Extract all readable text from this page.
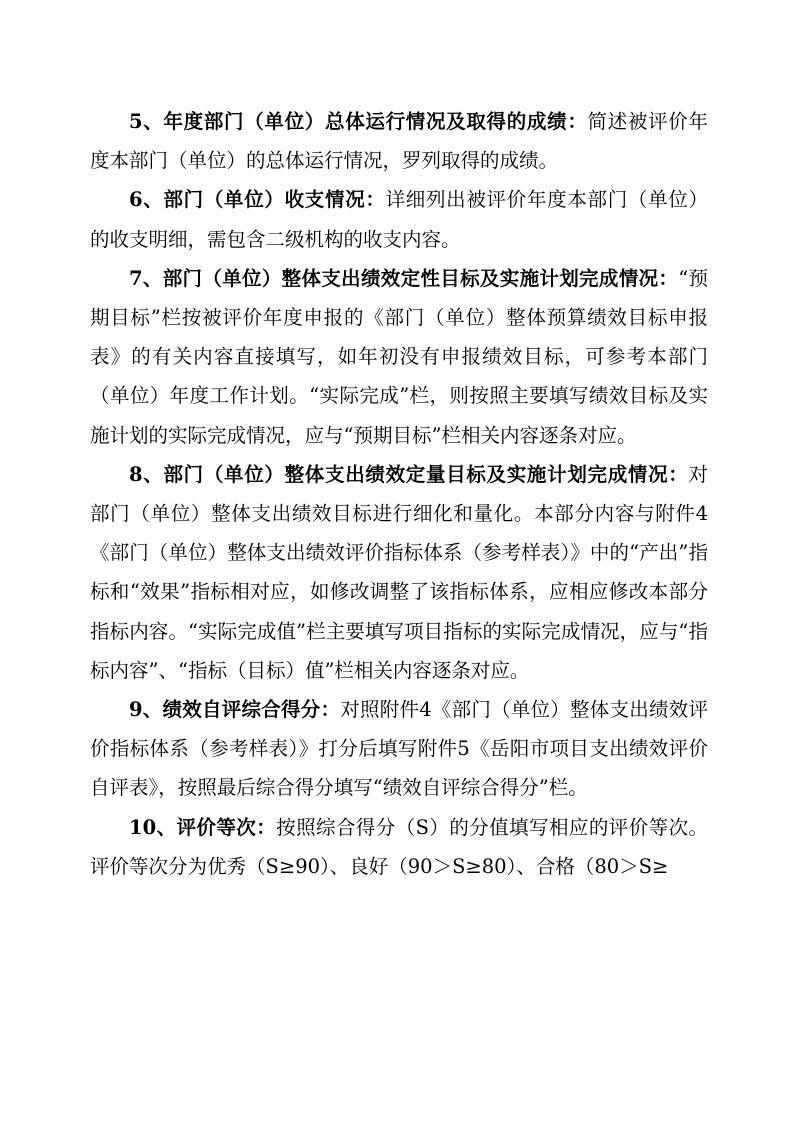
5、年度部门（单位）总体运行情况及取得的成绩：简述被评价年度本部门（单位）的总体运行情况，罗列取得的成绩。

6、部门（单位）收支情况：详细列出被评价年度本部门（单位）的收支明细，需包含二级机构的收支内容。

7、部门（单位）整体支出绩效定性目标及实施计划完成情况：“预期目标”栏按被评价年度申报的《部门（单位）整体预算绩效目标申报表》的有关内容直接填写，如年初没有申报绩效目标，可参考本部门（单位）年度工作计划。“实际完成”栏，则按照主要填写绩效目标及实施计划的实际完成情况，应与“预期目标”栏相关内容逐条对应。

8、部门（单位）整体支出绩效定量目标及实施计划完成情况：对部门（单位）整体支出绩效目标进行细化和量化。本部分内容与附件4《部门（单位）整体支出绩效评价指标体系（参考样表）》中的“产出”指标和“效果”指标相对应，如修改调整了该指标体系，应相应修改本部分指标内容。“实际完成值”栏主要填写项目指标的实际完成情况，应与“指标内容”、“指标（目标）值”栏相关内容逐条对应。

9、绩效自评综合得分：对照附件4《部门（单位）整体支出绩效评价指标体系（参考样表）》打分后填写附件5《岳阳市项目支出绩效评价自评表》，按照最后综合得分填写“绩效自评综合得分”栏。

10、评价等次：按照综合得分（S）的分值填写相应的评价等次。评价等次分为优秀（S≥90）、良好（90＞S≥80）、合格（80＞S≥
